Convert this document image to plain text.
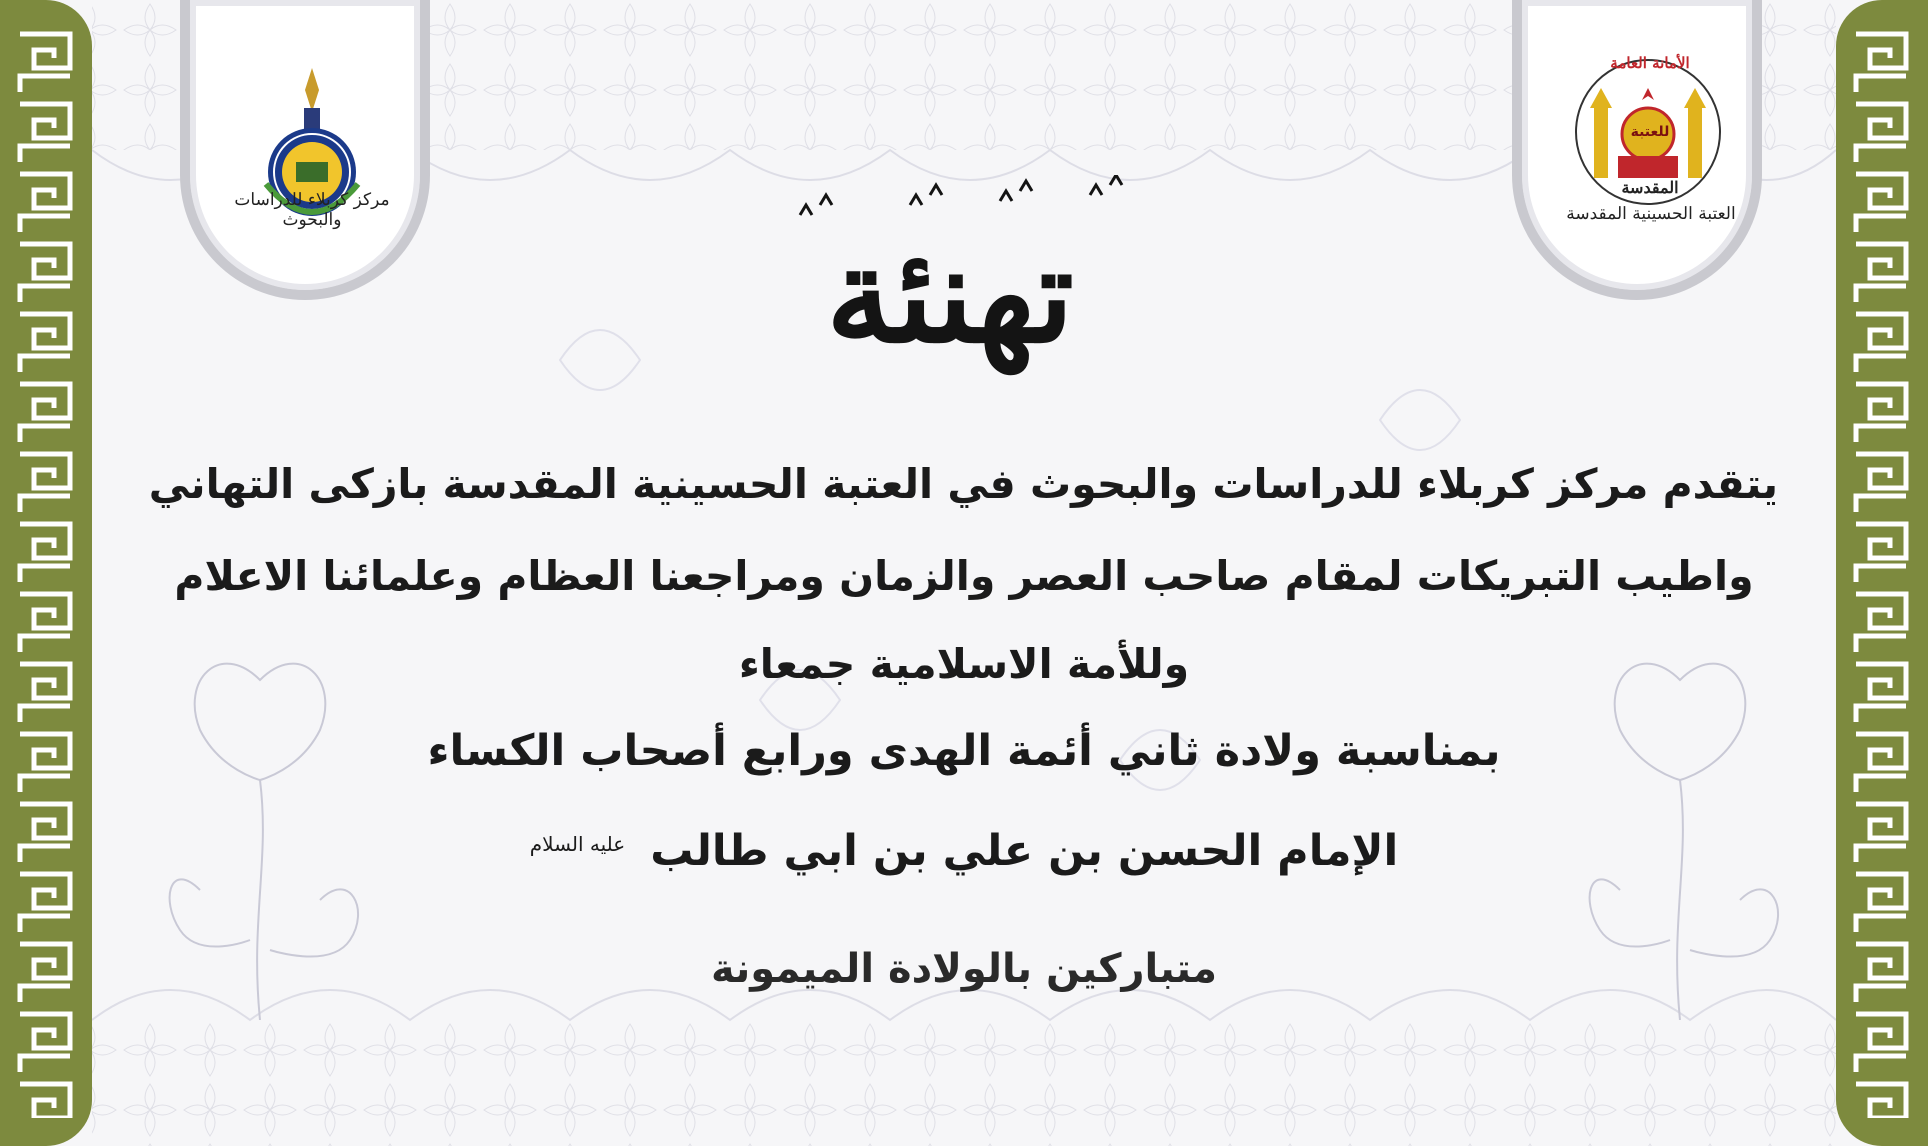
مركز كربلاء للدراسات والبحوث
الأمانة العامة
للعتبة
المقدسة
العتبة الحسينية المقدسة
تهنئة
يتقدم مركز كربلاء للدراسات والبحوث في العتبة الحسينية المقدسة بازكى التهاني
واطيب التبريكات لمقام صاحب العصر والزمان ومراجعنا العظام وعلمائنا الاعلام
وللأمة الاسلامية جمعاء
بمناسبة ولادة ثاني أئمة الهدى ورابع أصحاب الكساء
الإمام الحسن بن علي بن ابي طالب $^{عليه السلام}$
متباركين بالولادة الميمونة
